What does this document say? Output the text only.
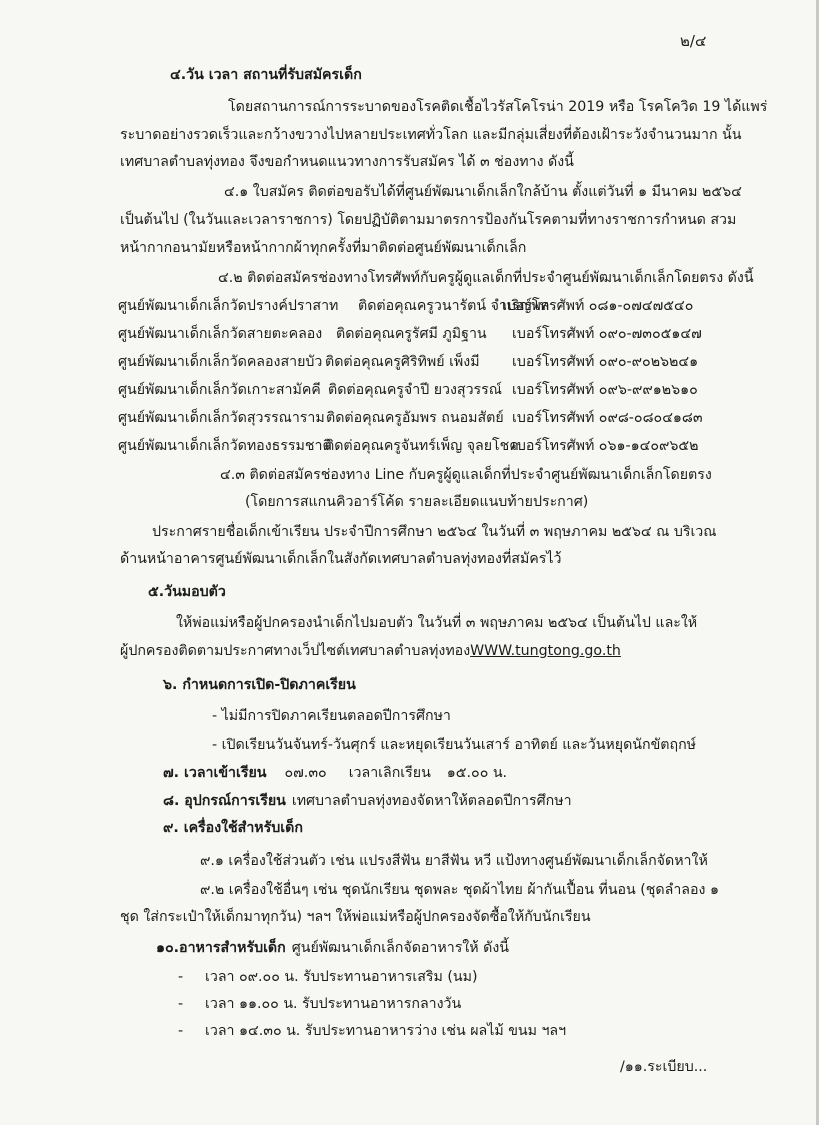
๒/๔
๔.วัน เวลา สถานที่รับสมัครเด็ก
โดยสถานการณ์การระบาดของโรคติดเชื้อไวรัสโคโรน่า 2019 หรือ โรคโควิด 19 ได้แพร่
ระบาดอย่างรวดเร็วและกว้างขวางไปหลายประเทศทั่วโลก และมีกลุ่มเสี่ยงที่ต้องเฝ้าระวังจำนวนมาก นั้น
เทศบาลตำบลทุ่งทอง จึงขอกำหนดแนวทางการรับสมัคร ได้ ๓ ช่องทาง ดังนี้
๔.๑ ใบสมัคร ติดต่อขอรับได้ที่ศูนย์พัฒนาเด็กเล็กใกล้บ้าน ตั้งแต่วันที่ ๑ มีนาคม ๒๕๖๔
เป็นต้นไป (ในวันและเวลาราชการ) โดยปฏิบัติตามมาตรการป้องกันโรคตามที่ทางราชการกำหนด สวม
หน้ากากอนามัยหรือหน้ากากผ้าทุกครั้งที่มาติดต่อศูนย์พัฒนาเด็กเล็ก
๔.๒ ติดต่อสมัครช่องทางโทรศัพท์กับครูผู้ดูแลเด็กที่ประจำศูนย์พัฒนาเด็กเล็กโดยตรง ดังนี้
ศูนย์พัฒนาเด็กเล็กวัดปรางค์ปราสาท ติดต่อคุณครูวนารัตน์ จำเริญพล
เบอร์โทรศัพท์ ๐๘๑-๐๗๔๗๕๔๐
ศูนย์พัฒนาเด็กเล็กวัดสายตะคลอง ติดต่อคุณครูรัศมี ภูมิฐาน เบอร์โทรศัพท์ ๐๙๐-๗๓๐๕๑๔๗
ศูนย์พัฒนาเด็กเล็กวัดคลองสายบัว ติดต่อคุณครูศิริทิพย์ เพ็งมี เบอร์โทรศัพท์ ๐๙๐-๙๐๒๖๒๔๑
ศูนย์พัฒนาเด็กเล็กวัดเกาะสามัคคี ติดต่อคุณครูจำปี ยวงสุวรรณ์ เบอร์โทรศัพท์ ๐๙๖-๙๙๑๒๖๑๐
ศูนย์พัฒนาเด็กเล็กวัดสุวรรณาราม ติดต่อคุณครูอัมพร ถนอมสัตย์ เบอร์โทรศัพท์ ๐๙๘-๐๘๐๔๑๘๓
ศูนย์พัฒนาเด็กเล็กวัดทองธรรมชาติ
ติดต่อคุณครูจันทร์เพ็ญ จุลยโชค
เบอร์โทรศัพท์ ๐๖๑-๑๔๐๙๖๕๒
๔.๓ ติดต่อสมัครช่องทาง Line กับครูผู้ดูแลเด็กที่ประจำศูนย์พัฒนาเด็กเล็กโดยตรง
(โดยการสแกนคิวอาร์โค้ด รายละเอียดแนบท้ายประกาศ)
ประกาศรายชื่อเด็กเข้าเรียน ประจำปีการศึกษา ๒๕๖๔ ในวันที่ ๓ พฤษภาคม ๒๕๖๔ ณ บริเวณ
ด้านหน้าอาคารศูนย์พัฒนาเด็กเล็กในสังกัดเทศบาลตำบลทุ่งทองที่สมัครไว้
๕.วันมอบตัว
ให้พ่อแม่หรือผู้ปกครองนำเด็กไปมอบตัว ในวันที่ ๓ พฤษภาคม ๒๕๖๔ เป็นต้นไป และให้
ผู้ปกครองติดตามประกาศทางเว็ปไซต์เทศบาลตำบลทุ่งทองWWW.tungtong.go.th
๖. กำหนดการเปิด-ปิดภาคเรียน
- ไม่มีการปิดภาคเรียนตลอดปีการศึกษา
- เปิดเรียนวันจันทร์-วันศุกร์ และหยุดเรียนวันเสาร์ อาทิตย์ และวันหยุดนักขัตฤกษ์
๗. เวลาเข้าเรียน ๐๗.๓๐ เวลาเลิกเรียน ๑๕.๐๐ น.
๘. อุปกรณ์การเรียน เทศบาลตำบลทุ่งทองจัดหาให้ตลอดปีการศึกษา
๙. เครื่องใช้สำหรับเด็ก
๙.๑ เครื่องใช้ส่วนตัว เช่น แปรงสีฟัน ยาสีฟัน หวี แป้งทางศูนย์พัฒนาเด็กเล็กจัดหาให้
๙.๒ เครื่องใช้อื่นๆ เช่น ชุดนักเรียน ชุดพละ ชุดผ้าไทย ผ้ากันเปื้อน ที่นอน (ชุดลำลอง ๑
ชุด ใส่กระเป๋าให้เด็กมาทุกวัน) ฯลฯ ให้พ่อแม่หรือผู้ปกครองจัดซื้อให้กับนักเรียน
๑๐.อาหารสำหรับเด็ก ศูนย์พัฒนาเด็กเล็กจัดอาหารให้ ดังนี้
- เวลา ๐๙.๐๐ น. รับประทานอาหารเสริม (นม)
- เวลา ๑๑.๐๐ น. รับประทานอาหารกลางวัน
- เวลา ๑๔.๓๐ น. รับประทานอาหารว่าง เช่น ผลไม้ ขนม ฯลฯ
/๑๑.ระเบียบ...
